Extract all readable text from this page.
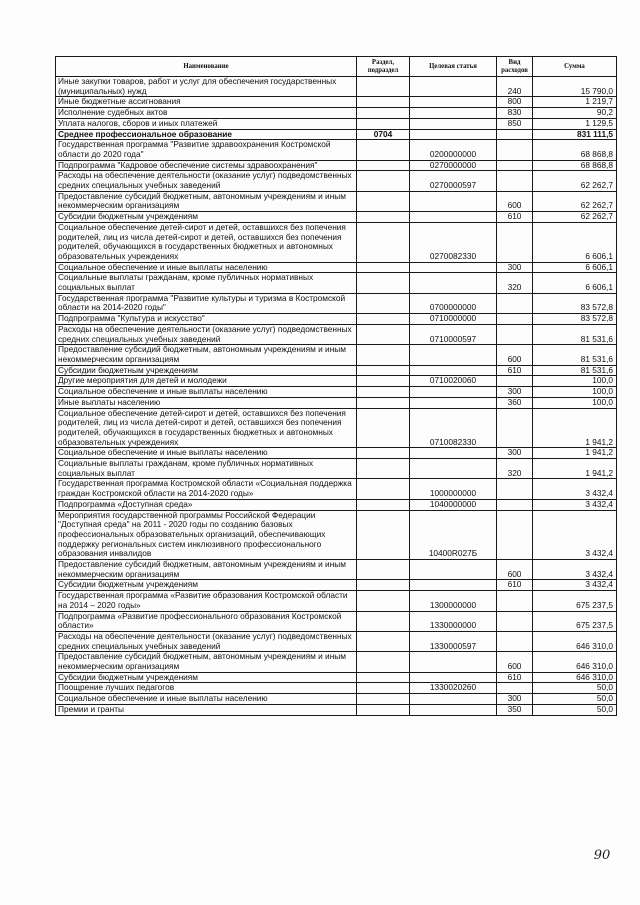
Наименование	Раздел, подраздел	Целевая статья	Вид расходов	Сумма
Иные закупки товаров, работ и услуг для обеспечения государственных (муниципальных) нужд			240	15 790,0
Иные бюджетные ассигнования			800	1 219,7
Исполнение судебных актов			830	90,2
Уплата налогов, сборов и иных платежей			850	1 129,5
Среднее профессиональное образование	0704			831 111,5
Государственная программа "Развитие здравоохранения Костромской области до 2020 года"		0200000000		68 868,8
Подпрограмма "Кадровое обеспечение системы здравоохранения"		0270000000		68 868,8
Расходы на обеспечение деятельности (оказание услуг) подведомственных средних специальных учебных заведений		0270000597		62 262,7
Предоставление субсидий бюджетным, автономным учреждениям и иным некоммерческим организациям			600	62 262,7
Субсидии бюджетным учреждениям			610	62 262,7
Социальное обеспечение детей-сирот и детей, оставшихся без попечения родителей, лиц из числа детей-сирот и детей, оставшихся без попечения родителей, обучающихся в государственных бюджетных и автономных образовательных учреждениях		0270082330		6 606,1
Социальное обеспечение и иные выплаты населению			300	6 606,1
Социальные выплаты гражданам, кроме публичных нормативных социальных выплат			320	6 606,1
Государственная программа "Развитие культуры и туризма в Костромской области на 2014-2020 годы"		0700000000		83 572,8
Подпрограмма "Культура и искусство"		0710000000		83 572,8
Расходы на обеспечение деятельности (оказание услуг) подведомственных средних специальных учебных заведений		0710000597		81 531,6
Предоставление субсидий бюджетным, автономным учреждениям и иным некоммерческим организациям			600	81 531,6
Субсидии бюджетным учреждениям			610	81 531,6
Другие мероприятия для детей и молодежи		0710020060		100,0
Социальное обеспечение и иные выплаты населению			300	100,0
Иные выплаты населению			360	100,0
Социальное обеспечение детей-сирот и детей, оставшихся без попечения родителей, лиц из числа детей-сирот и детей, оставшихся без попечения родителей, обучающихся в государственных бюджетных и автономных образовательных учреждениях		0710082330		1 941,2
Социальное обеспечение и иные выплаты населению			300	1 941,2
Социальные выплаты гражданам, кроме публичных нормативных социальных выплат			320	1 941,2
Государственная программа Костромской области «Социальная поддержка граждан Костромской области на 2014-2020 годы»		1000000000		3 432,4
Подпрограмма «Доступная среда»		1040000000		3 432,4
Мероприятия государственной программы Российской Федерации "Доступная среда" на 2011 - 2020 годы по созданию базовых профессиональных образовательных организаций, обеспечивающих поддержку региональных систем инклюзивного профессионального образования инвалидов		10400R027Б		3 432,4
Предоставление субсидий бюджетным, автономным учреждениям и иным некоммерческим организациям			600	3 432,4
Субсидии бюджетным учреждениям			610	3 432,4
Государственная программа «Развитие образования Костромской области на 2014 – 2020 годы»		1300000000		675 237,5
Подпрограмма «Развитие профессионального образования Костромской области»		1330000000		675 237,5
Расходы на обеспечение деятельности (оказание услуг) подведомственных средних специальных учебных заведений		1330000597		646 310,0
Предоставление субсидий бюджетным, автономным учреждениям и иным некоммерческим организациям			600	646 310,0
Субсидии бюджетным учреждениям			610	646 310,0
Поощрение лучших педагогов		1330020260		50,0
Социальное обеспечение и иные выплаты населению			300	50,0
Премии и гранты			350	50,0
90
